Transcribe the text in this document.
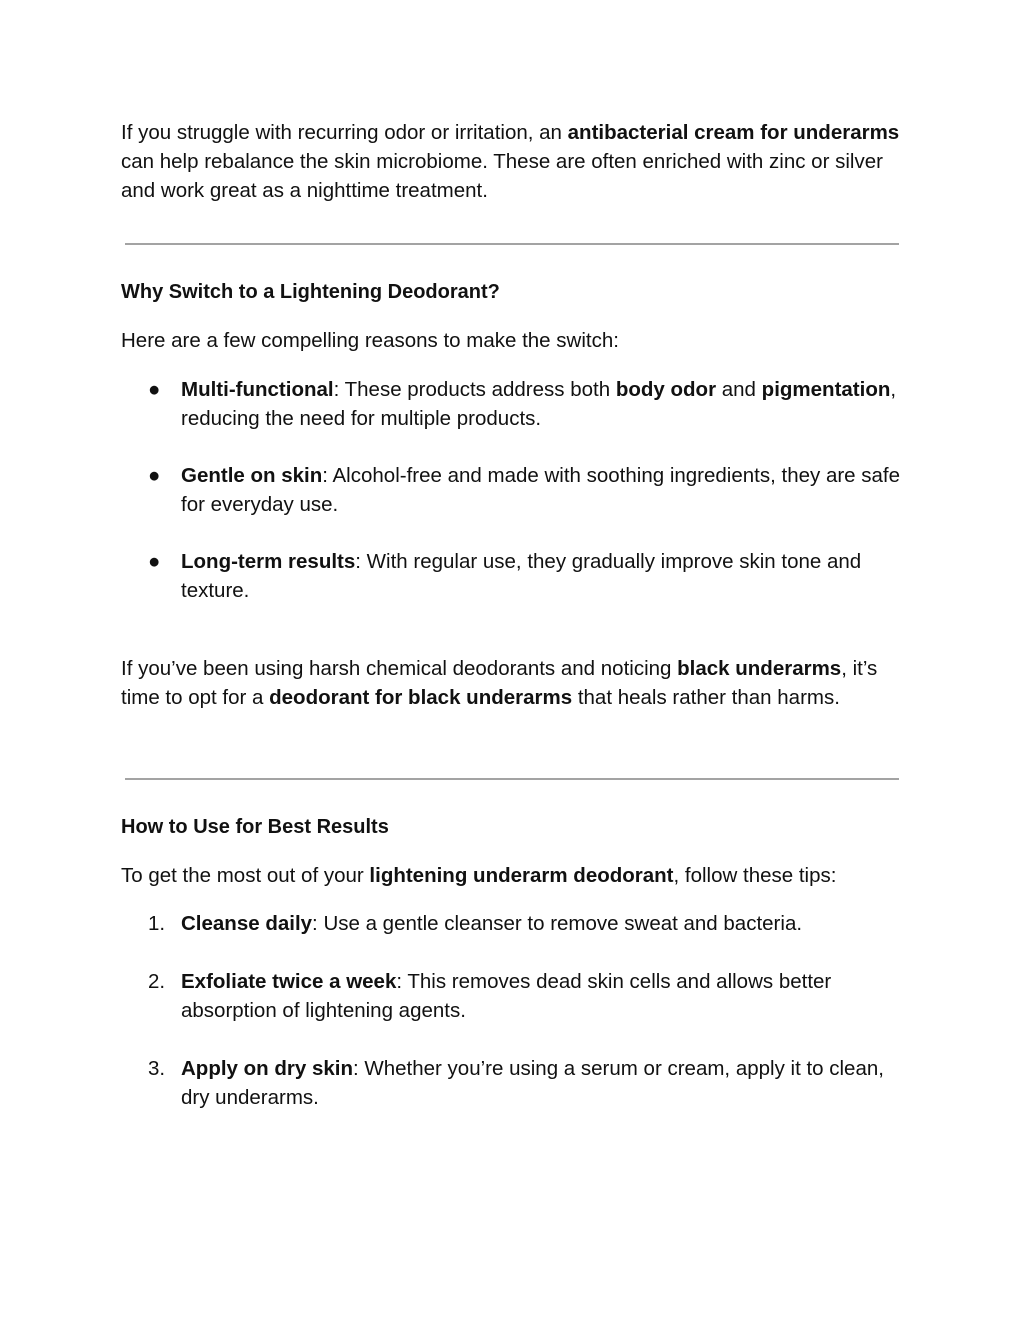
If you struggle with recurring odor or irritation, an antibacterial cream for underarms can help rebalance the skin microbiome. These are often enriched with zinc or silver and work great as a nighttime treatment.

Why Switch to a Lightening Deodorant?

Here are a few compelling reasons to make the switch:

●	Multi-functional: These products address both body odor and pigmentation, reducing the need for multiple products.

●	Gentle on skin: Alcohol-free and made with soothing ingredients, they are safe for everyday use.

●	Long-term results: With regular use, they gradually improve skin tone and texture.

If you’ve been using harsh chemical deodorants and noticing black underarms, it’s time to opt for a deodorant for black underarms that heals rather than harms.

How to Use for Best Results

To get the most out of your lightening underarm deodorant, follow these tips:

1. Cleanse daily: Use a gentle cleanser to remove sweat and bacteria.

2. Exfoliate twice a week: This removes dead skin cells and allows better absorption of lightening agents.

3. Apply on dry skin: Whether you’re using a serum or cream, apply it to clean, dry underarms.
